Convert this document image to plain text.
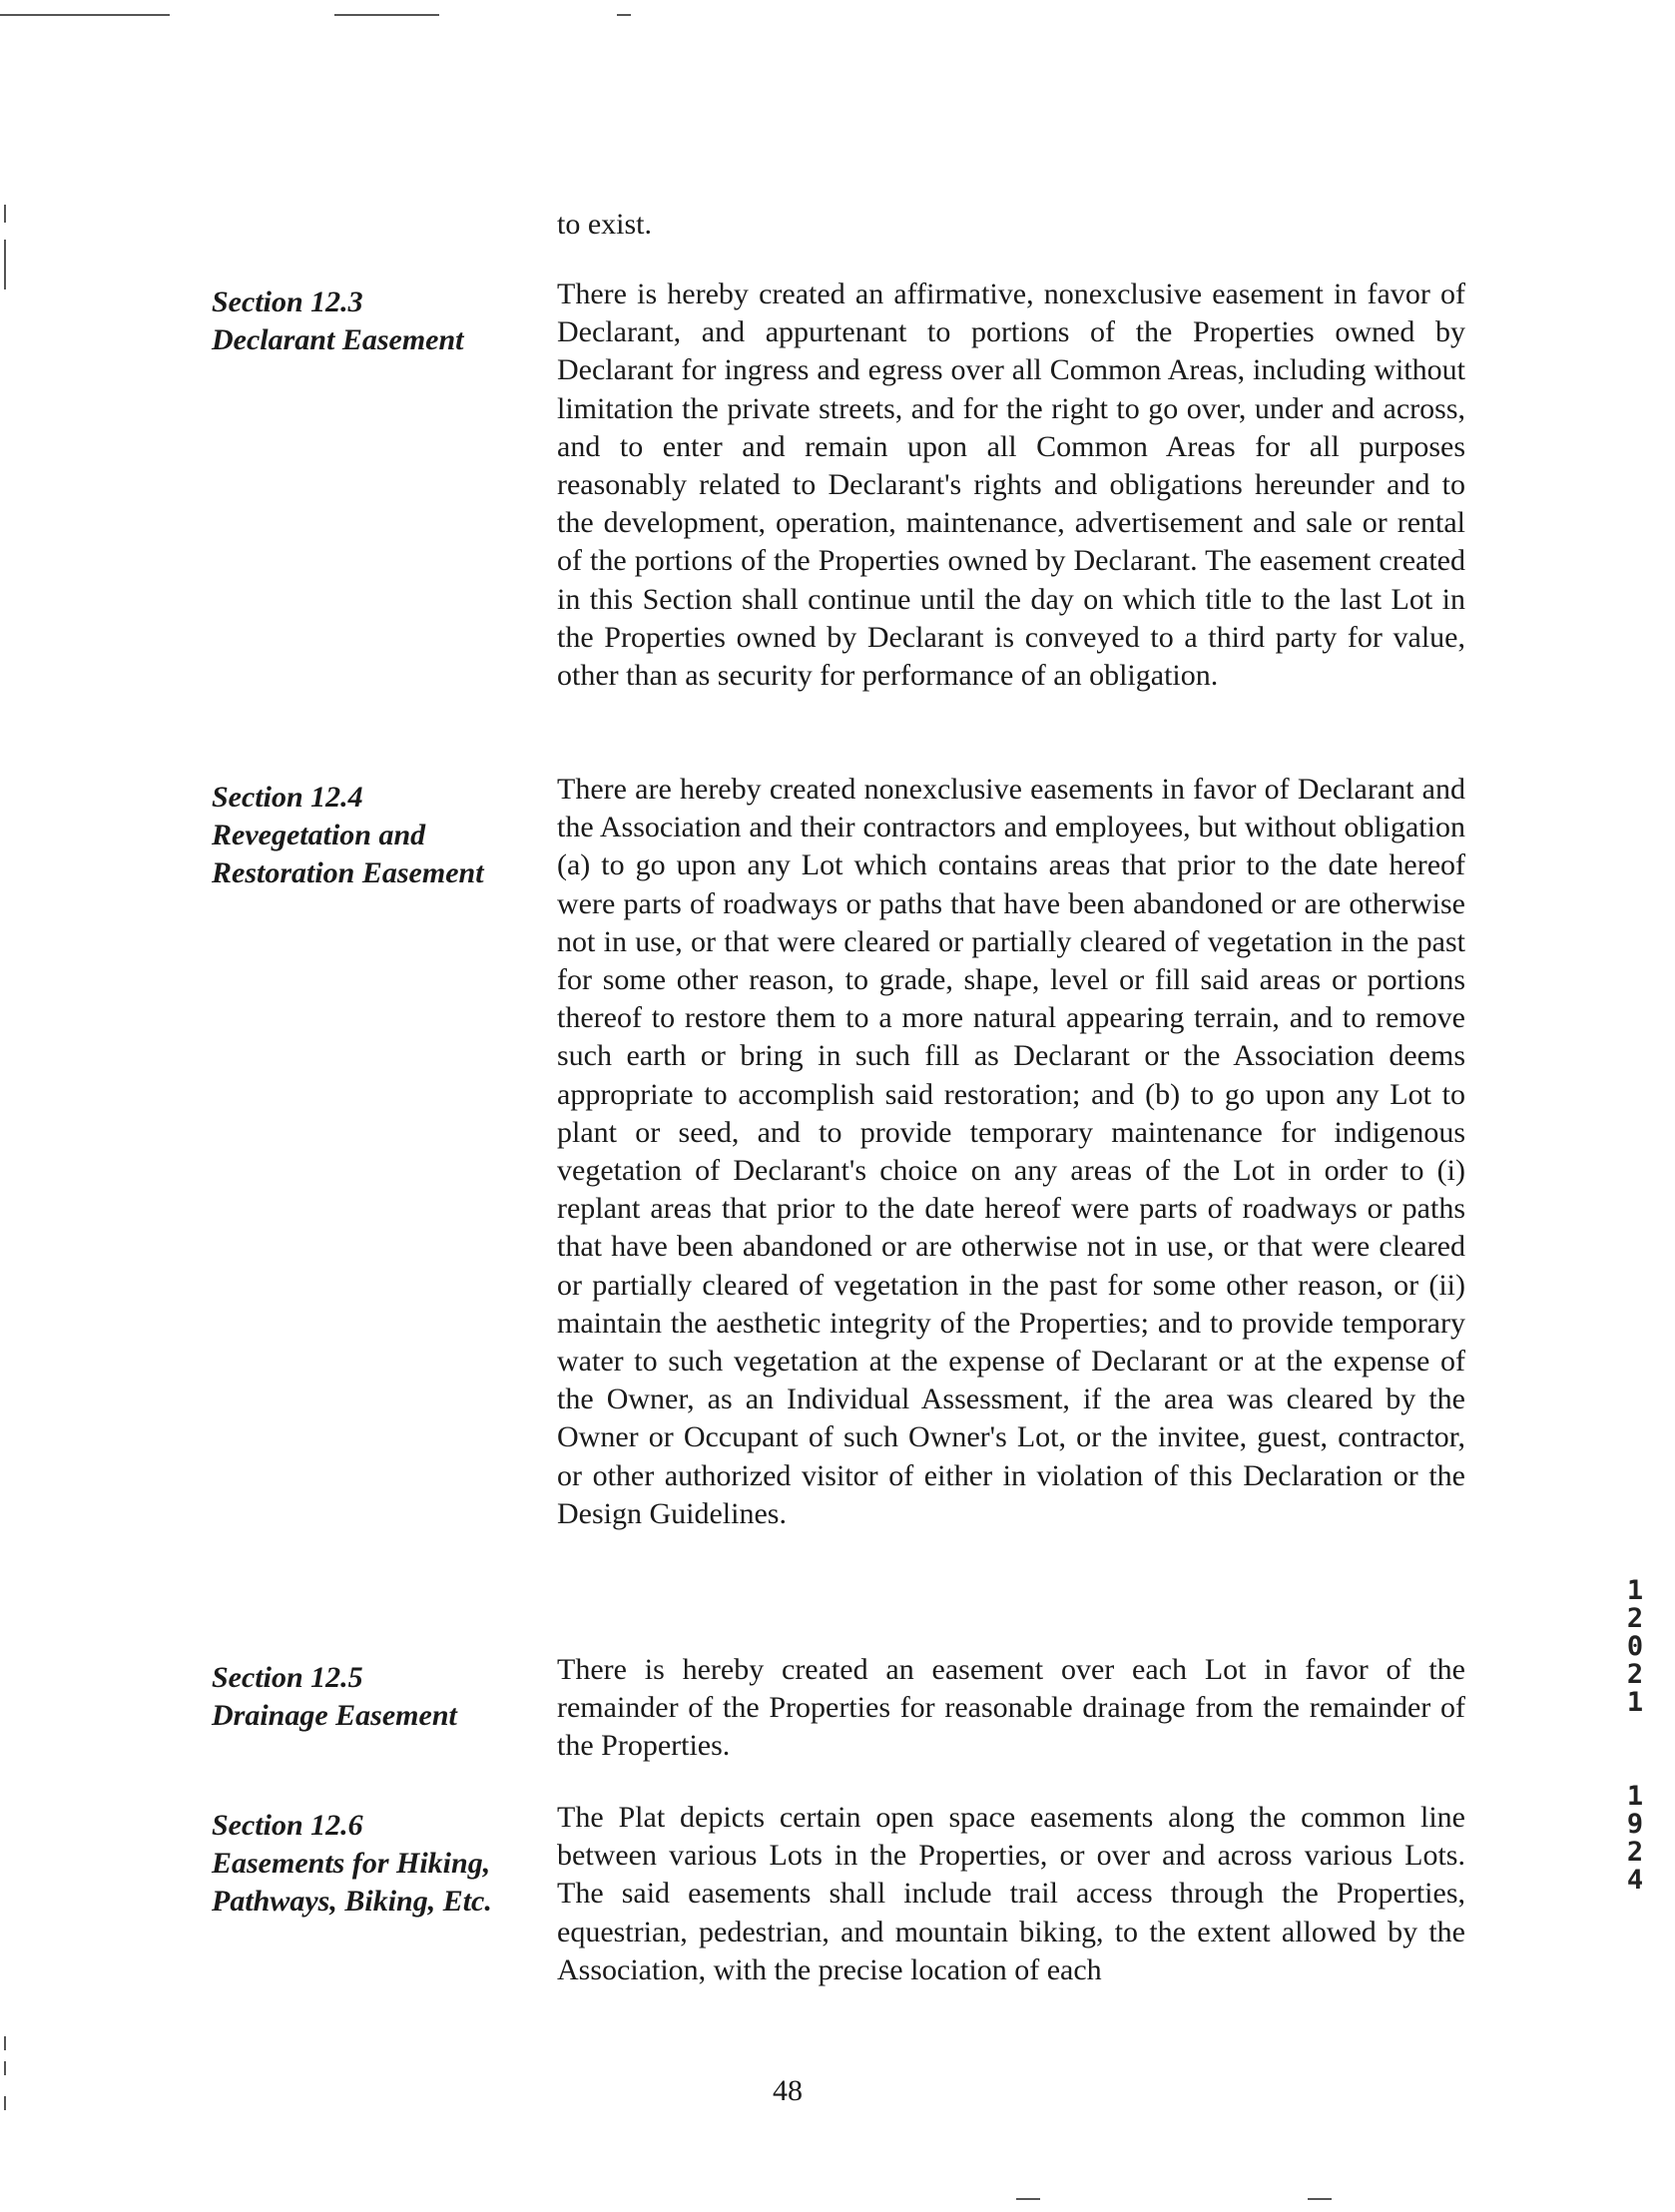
to exist.

Section 12.3
Declarant Easement

There is hereby created an affirmative, nonexclusive easement in favor of Declarant, and appurtenant to portions of the Properties owned by Declarant for ingress and egress over all Common Areas, including without limitation the private streets, and for the right to go over, under and across, and to enter and remain upon all Common Areas for all purposes reasonably related to Declarant's rights and obligations hereunder and to the development, operation, maintenance, advertisement and sale or rental of the portions of the Properties owned by Declarant. The easement created in this Section shall continue until the day on which title to the last Lot in the Properties owned by Declarant is conveyed to a third party for value, other than as security for performance of an obligation.

Section 12.4
Revegetation and
Restoration Easement

There are hereby created nonexclusive easements in favor of Declarant and the Association and their contractors and employees, but without obligation (a) to go upon any Lot which contains areas that prior to the date hereof were parts of roadways or paths that have been abandoned or are otherwise not in use, or that were cleared or partially cleared of vegetation in the past for some other reason, to grade, shape, level or fill said areas or portions thereof to restore them to a more natural appearing terrain, and to remove such earth or bring in such fill as Declarant or the Association deems appropriate to accomplish said restoration; and (b) to go upon any Lot to plant or seed, and to provide temporary maintenance for indigenous vegetation of Declarant's choice on any areas of the Lot in order to (i) replant areas that prior to the date hereof were parts of roadways or paths that have been abandoned or are otherwise not in use, or that were cleared or partially cleared of vegetation in the past for some other reason, or (ii) maintain the aesthetic integrity of the Properties; and to provide temporary water to such vegetation at the expense of Declarant or at the expense of the Owner, as an Individual Assessment, if the area was cleared by the Owner or Occupant of such Owner's Lot, or the invitee, guest, contractor, or other authorized visitor of either in violation of this Declaration or the Design Guidelines.

Section 12.5
Drainage Easement

There is hereby created an easement over each Lot in favor of the remainder of the Properties for reasonable drainage from the remainder of the Properties.

Section 12.6
Easements for Hiking,
Pathways, Biking, Etc.

The Plat depicts certain open space easements along the common line between various Lots in the Properties, or over and across various Lots. The said easements shall include trail access through the Properties, equestrian, pedestrian, and mountain biking, to the extent allowed by the Association, with the precise location of each

48
1
2
0
2
1
1
9
2
4
